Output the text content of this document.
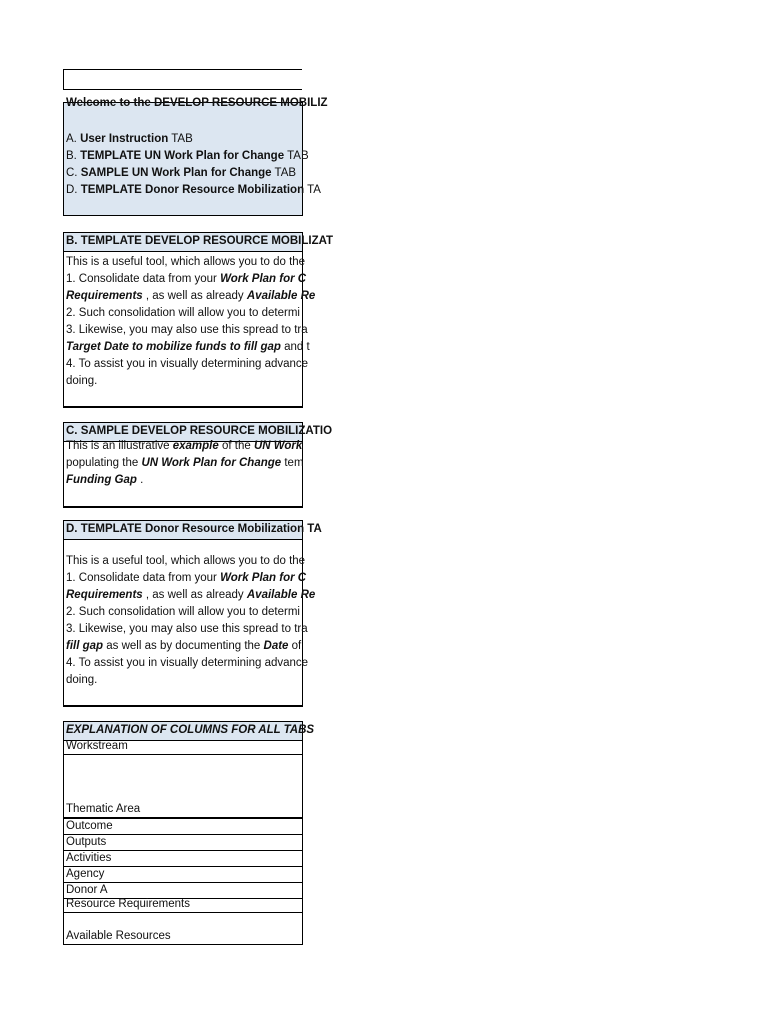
Welcome to the DEVELOP RESOURCE MOBILIZ
A. User Instruction TAB
B. TEMPLATE UN Work Plan for Change TAB
C. SAMPLE UN Work Plan for Change TAB
D. TEMPLATE Donor Resource Mobilization TA
B. TEMPLATE DEVELOP RESOURCE MOBILIZAT
This is a useful tool, which allows you to do the
1. Consolidate data from your Work Plan for C
Requirements , as well as already Available Re
2. Such consolidation will allow you to determi
3. Likewise, you may also use this spread to tra
Target Date to mobilize funds to fill gap and t
4. To assist you in visually determining advance
doing.
C. SAMPLE DEVELOP RESOURCE MOBILIZATIO
This is an illustrative example of the UN Work
populating the UN Work Plan for Change tem
Funding Gap .
D. TEMPLATE Donor Resource Mobilization TA
This is a useful tool, which allows you to do the
1. Consolidate data from your Work Plan for C
Requirements , as well as already Available Re
2. Such consolidation will allow you to determi
3. Likewise, you may also use this spread to tra
fill gap as well as by documenting the Date of
4. To assist you in visually determining advance
doing.
EXPLANATION OF COLUMNS FOR ALL TABS
Workstream
Thematic Area
Outcome
Outputs
Activities
Agency
Donor A
Resource Requirements
Available Resources
